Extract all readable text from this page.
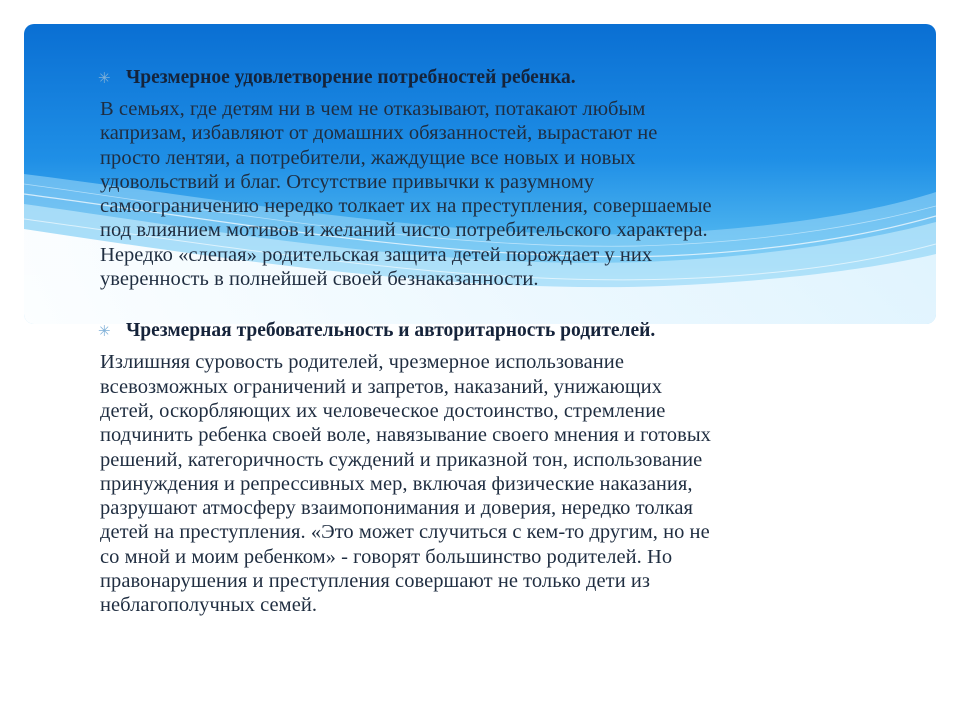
✳ Чрезмерное удовлетворение потребностей ребенка.
В семьях, где детям ни в чем не отказывают, потакают любым
капризам, избавляют от домашних обязанностей, вырастают не
просто лентяи, а потребители, жаждущие все новых и новых
удовольствий и благ. Отсутствие привычки к разумному
самоограничению нередко толкает их на преступления, совершаемые
под влиянием мотивов и желаний чисто потребительского характера.
Нередко «слепая» родительская защита детей порождает у них
уверенность в полнейшей своей безнаказанности.
✳ Чрезмерная требовательность и авторитарность родителей.
Излишняя суровость родителей, чрезмерное использование
всевозможных ограничений и запретов, наказаний, унижающих
детей, оскорбляющих их человеческое достоинство, стремление
подчинить ребенка своей воле, навязывание своего мнения и готовых
решений, категоричность суждений и приказной тон, использование
принуждения и репрессивных мер, включая физические наказания,
разрушают атмосферу взаимопонимания и доверия, нередко толкая
детей на преступления. «Это может случиться с кем-то другим, но не
со мной и моим ребенком» - говорят большинство родителей. Но
правонарушения и преступления совершают не только дети из
неблагополучных семей.
